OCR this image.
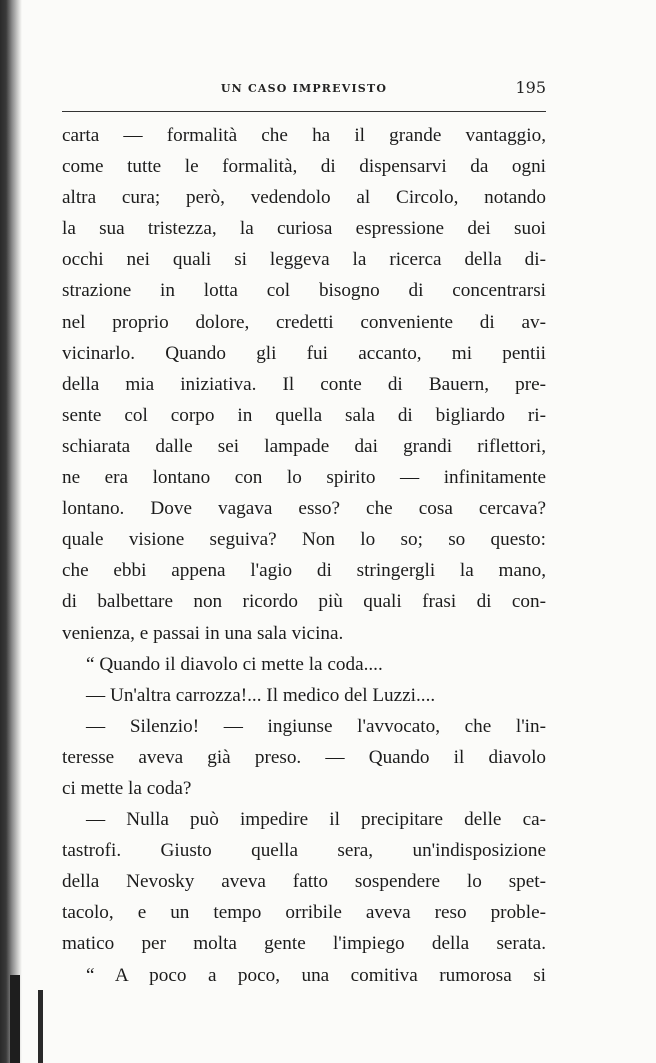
UN CASO IMPREVISTO	195
carta — formalità che ha il grande vantaggio,
come tutte le formalità, di dispensarvi da ogni
altra cura; però, vedendolo al Circolo, notando
la sua tristezza, la curiosa espressione dei suoi
occhi nei quali si leggeva la ricerca della di-
strazione in lotta col bisogno di concentrarsi
nel proprio dolore, credetti conveniente di av-
vicinarlo. Quando gli fui accanto, mi pentii
della mia iniziativa. Il conte di Bauern, pre-
sente col corpo in quella sala di bigliardo ri-
schiarata dalle sei lampade dai grandi riflettori,
ne era lontano con lo spirito — infinitamente
lontano. Dove vagava esso? che cosa cercava?
quale visione seguiva? Non lo so; so questo:
che ebbi appena l'agio di stringergli la mano,
di balbettare non ricordo più quali frasi di con-
venienza, e passai in una sala vicina.
“ Quando il diavolo ci mette la coda....
— Un'altra carrozza!... Il medico del Luzzi....
— Silenzio! — ingiunse l'avvocato, che l'in-
teresse aveva già preso. — Quando il diavolo
ci mette la coda?
— Nulla può impedire il precipitare delle ca-
tastrofi. Giusto quella sera, un'indisposizione
della Nevosky aveva fatto sospendere lo spet-
tacolo, e un tempo orribile aveva reso proble-
matico per molta gente l'impiego della serata.
“ A poco a poco, una comitiva rumorosa si
